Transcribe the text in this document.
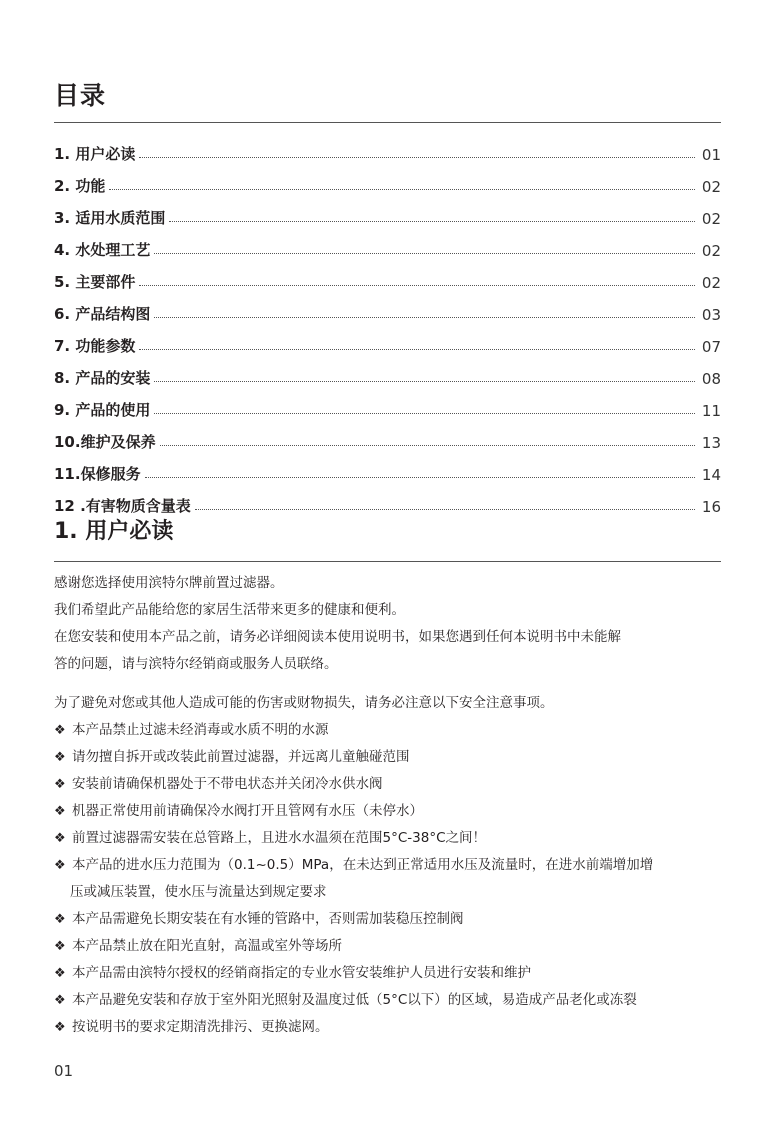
目录
1. 用户必读	01
2. 功能	02
3. 适用水质范围	02
4. 水处理工艺	02
5. 主要部件	02
6. 产品结构图	03
7. 功能参数	07
8. 产品的安装	08
9. 产品的使用	11
10.维护及保养	13
11.保修服务	14
12 .有害物质含量表	16
1. 用户必读
感谢您选择使用滨特尔牌前置过滤器。
我们希望此产品能给您的家居生活带来更多的健康和便利。
在您安装和使用本产品之前，请务必详细阅读本使用说明书，如果您遇到任何本说明书中未能解
答的问题，请与滨特尔经销商或服务人员联络。
为了避免对您或其他人造成可能的伤害或财物损失，请务必注意以下安全注意事项。
❖ 本产品禁止过滤未经消毒或水质不明的水源
❖ 请勿擅自拆开或改装此前置过滤器，并远离儿童触碰范围
❖ 安装前请确保机器处于不带电状态并关闭冷水供水阀
❖ 机器正常使用前请确保冷水阀打开且管网有水压（未停水）
❖ 前置过滤器需安装在总管路上，且进水水温须在范围5°C-38°C之间！
❖ 本产品的进水压力范围为（0.1~0.5）MPa，在未达到正常适用水压及流量时，在进水前端增加增
压或减压装置，使水压与流量达到规定要求
❖ 本产品需避免长期安装在有水锤的管路中，否则需加装稳压控制阀
❖ 本产品禁止放在阳光直射，高温或室外等场所
❖ 本产品需由滨特尔授权的经销商指定的专业水管安装维护人员进行安装和维护
❖ 本产品避免安装和存放于室外阳光照射及温度过低（5°C以下）的区域，易造成产品老化或冻裂
❖ 按说明书的要求定期清洗排污、更换滤网。
01
